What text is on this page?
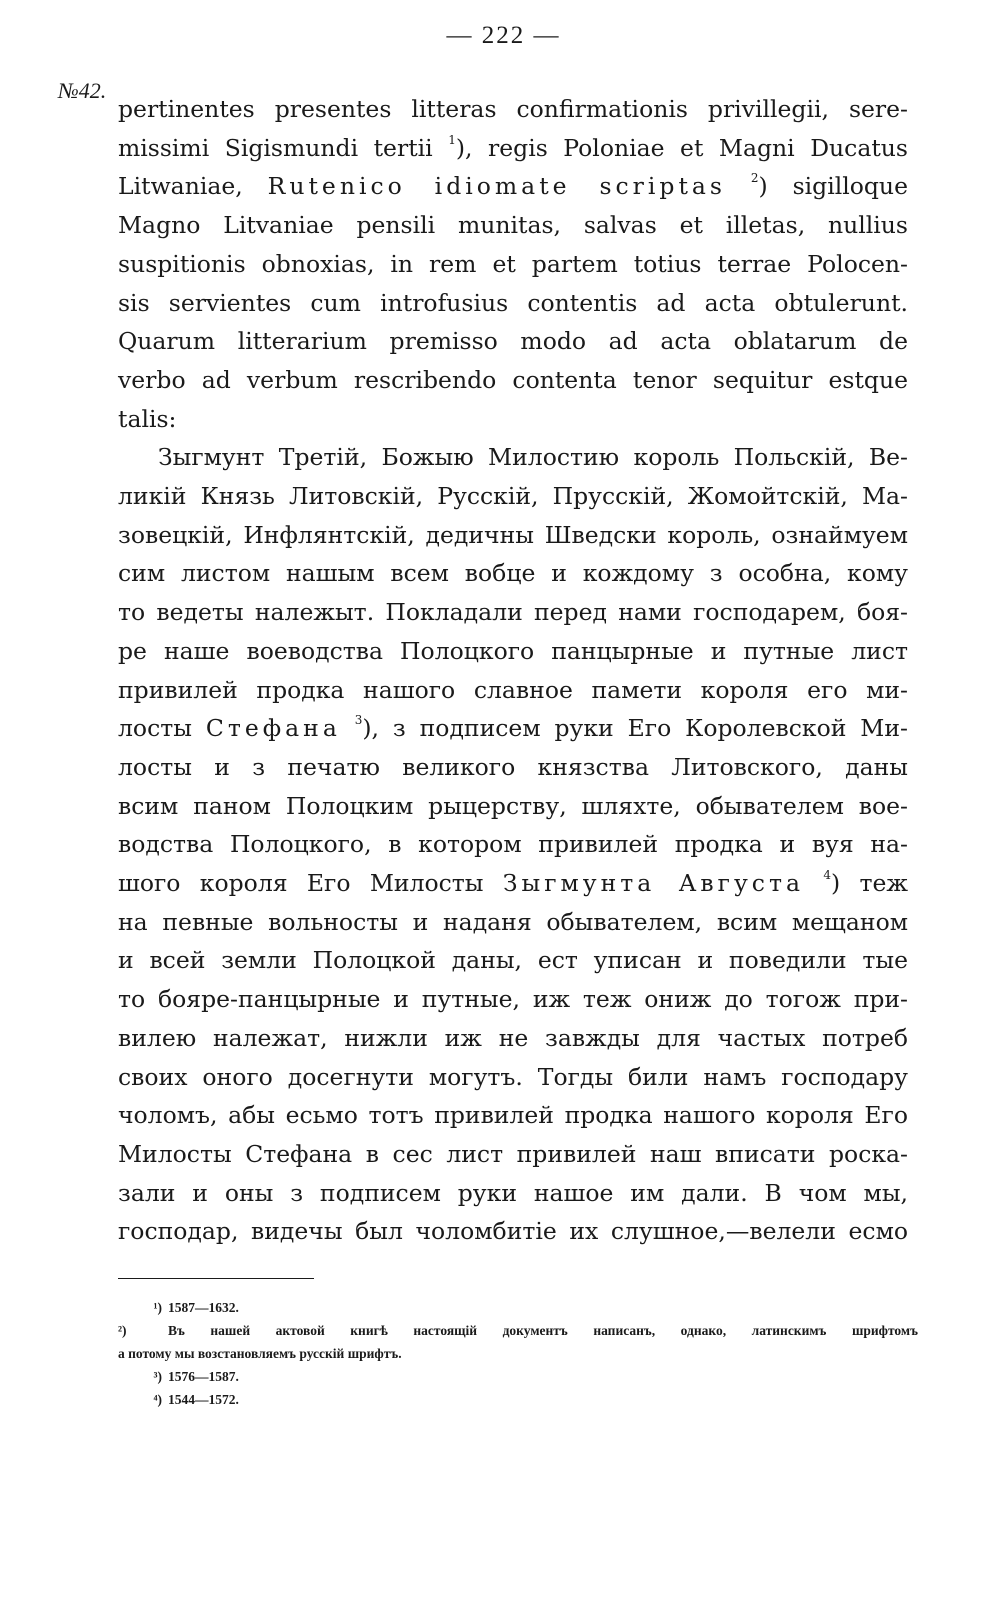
— 222 —
№42.
pertinentes presentes litteras confirmationis privillegii, sere-
missimi Sigismundi tertii $^1$), regis Poloniae et Magni Ducatus
Litwaniae, Rutenico idiomate scriptas $^2$) sigilloque
Magno Litvaniae pensili munitas, salvas et illetas, nullius
suspitionis obnoxias, in rem et partem totius terrae Polocen-
sis servientes cum introfusius contentis ad acta obtulerunt.
Quarum litterarium premisso modo ad acta oblatarum de
verbo ad verbum rescribendo contenta tenor sequitur estque
talis:
Зыгмунт Третій, Божыю Милостию король Польскій, Ве-
ликій Князь Литовскій, Русскій, Прусскій, Жомойтскій, Ма-
зовецкій, Инфлянтскій, дедичны Шведски король, ознаймуем
сим листом нашым всем вобце и кождому з особна, кому
то ведеты належыт. Покладали перед нами господарем, боя-
ре наше воеводства Полоцкого панцырные и путные лист
привилей продка нашого славное памети короля его ми-
лосты Стефана $^3$), з подписем руки Его Королевской Ми-
лосты и з печатю великого князства Литовского, даны
всим паном Полоцким рыцерству, шляхте, обывателем вое-
водства Полоцкого, в котором привилей продка и вуя на-
шого короля Его Милосты Зыгмунта Августа $^4$) теж
на певные вольносты и наданя обывателем, всим мещаном
и всей земли Полоцкой даны, ест уписан и поведили тые
то бояре-панцырные и путные, иж теж ониж до тогож при-
вилею належат, нижли иж не завжды для частых потреб
своих оного досегнути могутъ. Тогды били намъ господару
чоломъ, абы есьмо тотъ привилей продка нашого короля Его
Милосты Стефана в сес лист привилей наш вписати роска-
зали и оны з подписем руки нашое им дали. В чом мы,
господар, видечы был чоломбитіе их слушное,—велели есмо
¹) 1587—1632.
²)	Въ нашей актовой книгѣ настоящій документъ написанъ, однако, латинскимъ шрифтомъ
а потому мы возстановляемъ русскій шрифтъ.
³) 1576—1587.
⁴) 1544—1572.
